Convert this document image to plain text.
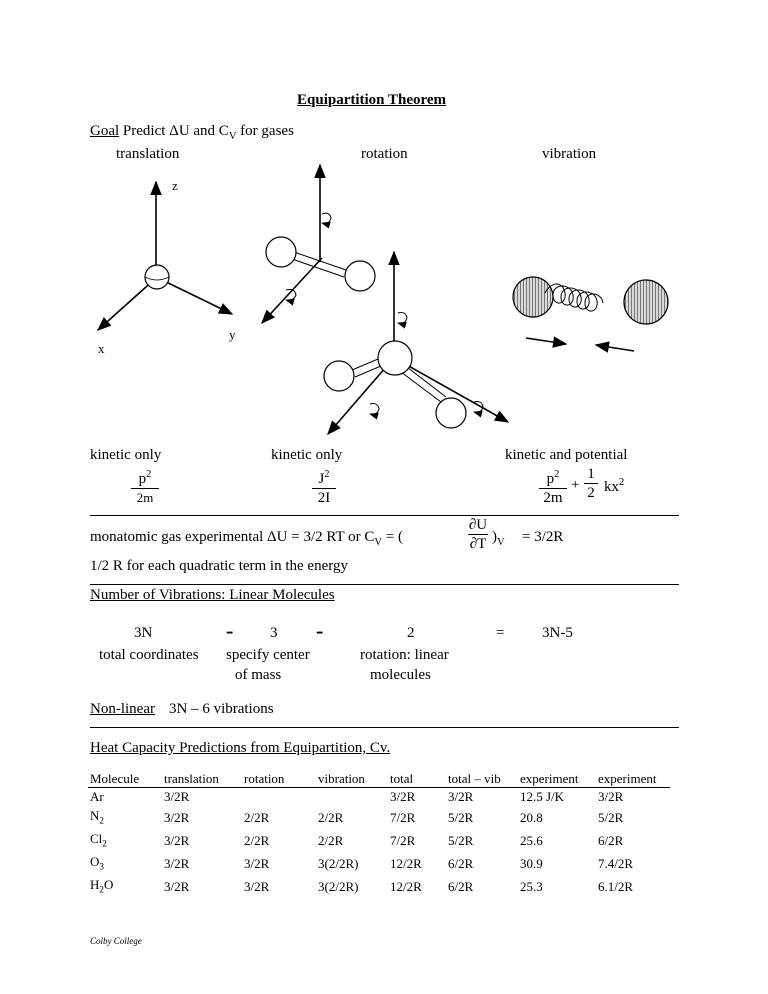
Equipartition Theorem
Goal Predict ΔU and $C_V$ for gases
translation	rotation	vibration
z
x
y
kinetic only	kinetic only	kinetic and potential
$p^2$
2m
$J^2$
2I
$p^2$
2m
+
1
2 $kx^2$
monatomic gas experimental ΔU = 3/2 RT or $C_V$ = (
∂U
∂T )$_V = 3/2R$
1/2 R for each quadratic term in the energy
Number of Vibrations: Linear Molecules
3N	- 3 -	2	=	3N-5
total coordinates specify center
of mass
rotation: linear
molecules
Non-linear 3N – 6 vibrations
Heat Capacity Predictions from Equipartition, Cv.
Molecule	translation	rotation	vibration	total	total – vib	experiment	experiment
Ar	3/2R			3/2R	3/2R	12.5 J/K	3/2R
$N_2$	3/2R	2/2R	2/2R	7/2R	5/2R	20.8	5/2R
$Cl_2$	3/2R	2/2R	2/2R	7/2R	5/2R	25.6	6/2R
$O_3$	3/2R	3/2R	3(2/2R)	12/2R	6/2R	30.9	7.4/2R
$H_2O$	3/2R	3/2R	3(2/2R)	12/2R	6/2R	25.3	6.1/2R
Colby College
